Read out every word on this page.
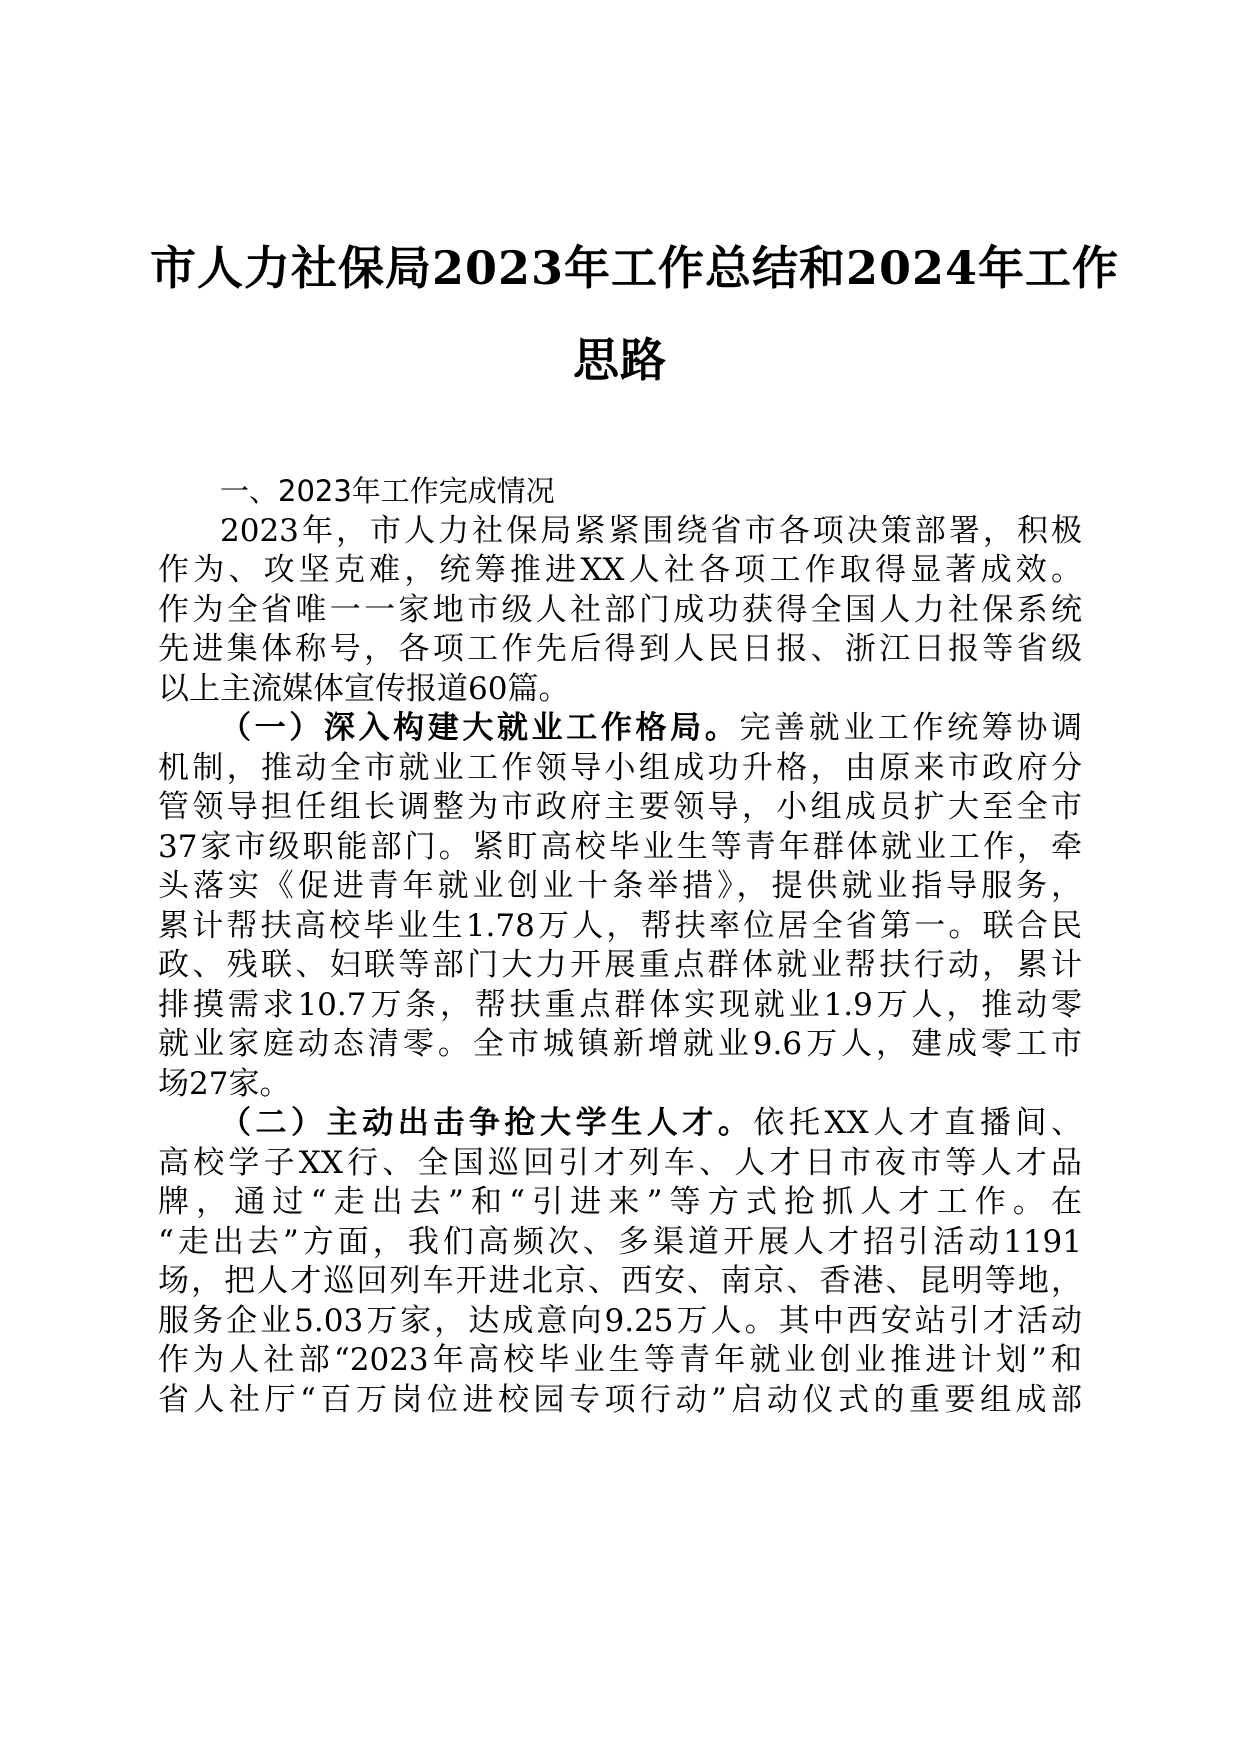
市人力社保局2023年工作总结和2024年工作
思路
一、2023年工作完成情况
2023年，市人力社保局紧紧围绕省市各项决策部署，积极
作为、攻坚克难，统筹推进XX人社各项工作取得显著成效。
作为全省唯一一家地市级人社部门成功获得全国人力社保系统
先进集体称号，各项工作先后得到人民日报、浙江日报等省级
以上主流媒体宣传报道60篇。
（一）深入构建大就业工作格局。完善就业工作统筹协调
机制，推动全市就业工作领导小组成功升格，由原来市政府分
管领导担任组长调整为市政府主要领导，小组成员扩大至全市
37家市级职能部门。紧盯高校毕业生等青年群体就业工作，牵
头落实《促进青年就业创业十条举措》，提供就业指导服务，
累计帮扶高校毕业生1.78万人，帮扶率位居全省第一。联合民
政、残联、妇联等部门大力开展重点群体就业帮扶行动，累计
排摸需求10.7万条，帮扶重点群体实现就业1.9万人，推动零
就业家庭动态清零。全市城镇新增就业9.6万人，建成零工市
场27家。
（二）主动出击争抢大学生人才。依托XX人才直播间、
高校学子XX行、全国巡回引才列车、人才日市夜市等人才品
牌，通过“走出去”和“引进来”等方式抢抓人才工作。在
“走出去”方面，我们高频次、多渠道开展人才招引活动1191
场，把人才巡回列车开进北京、西安、南京、香港、昆明等地，
服务企业5.03万家，达成意向9.25万人。其中西安站引才活动
作为人社部“2023年高校毕业生等青年就业创业推进计划”和
省人社厅“百万岗位进校园专项行动”启动仪式的重要组成部
